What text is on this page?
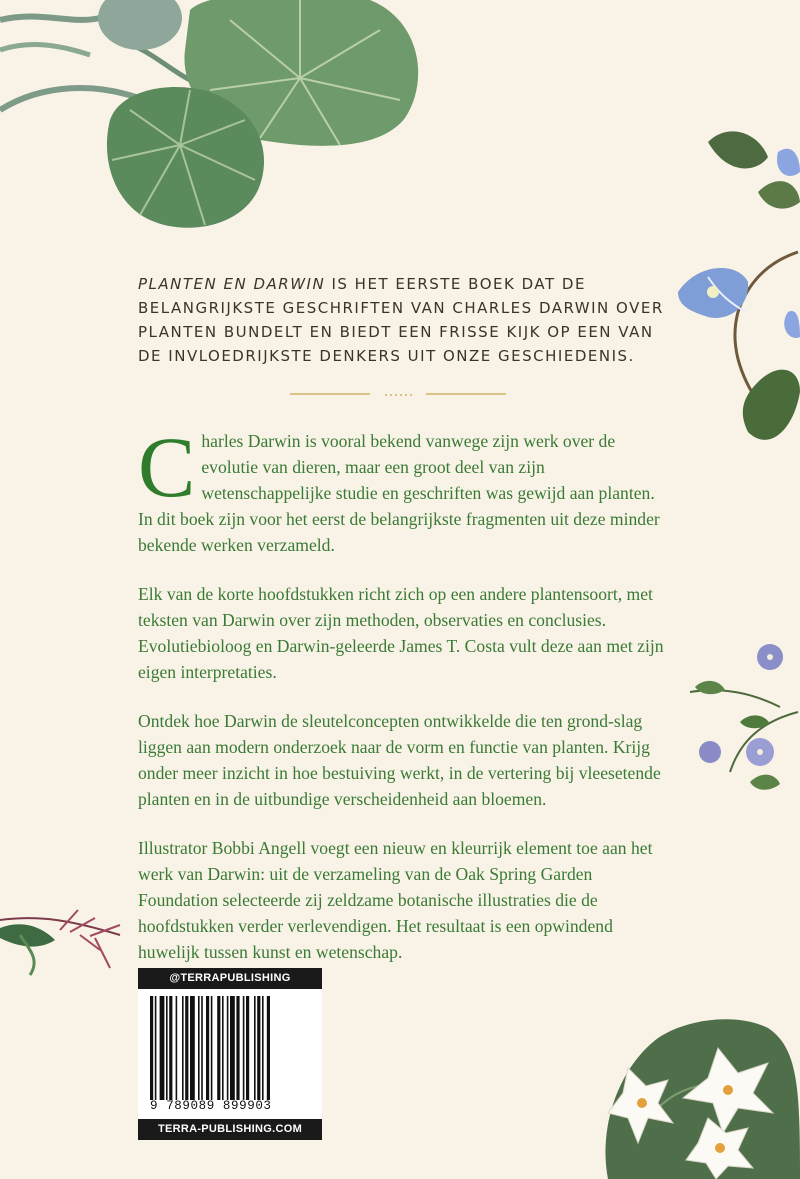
PLANTEN EN DARWIN IS HET EERSTE BOEK DAT DE BELANGRIJKSTE GESCHRIFTEN VAN CHARLES DARWIN OVER PLANTEN BUNDELT EN BIEDT EEN FRISSE KIJK OP EEN VAN DE INVLOEDRIJKSTE DENKERS UIT ONZE GESCHIEDENIS.

Charles Darwin is vooral bekend vanwege zijn werk over de evolutie van dieren, maar een groot deel van zijn wetenschappelijke studie en geschriften was gewijd aan planten. In dit boek zijn voor het eerst de belangrijkste fragmenten uit deze minder bekende werken verzameld.

Elk van de korte hoofdstukken richt zich op een andere plantensoort, met teksten van Darwin over zijn methoden, observaties en conclusies. Evolutiebioloog en Darwin-geleerde James T. Costa vult deze aan met zijn eigen interpretaties.

Ontdek hoe Darwin de sleutelconcepten ontwikkelde die ten grond-slag liggen aan modern onderzoek naar de vorm en functie van planten. Krijg onder meer inzicht in hoe bestuiving werkt, in de vertering bij vleesetende planten en in de uitbundige verscheidenheid aan bloemen.

Illustrator Bobbi Angell voegt een nieuw en kleurrijk element toe aan het werk van Darwin: uit de verzameling van de Oak Spring Garden Foundation selecteerde zij zeldzame botanische illustraties die de hoofdstukken verder verlevendigen. Het resultaat is een opwindend huwelijk tussen kunst en wetenschap.

@TERRAPUBLISHING
9 789089 899903
TERRA-PUBLISHING.COM
